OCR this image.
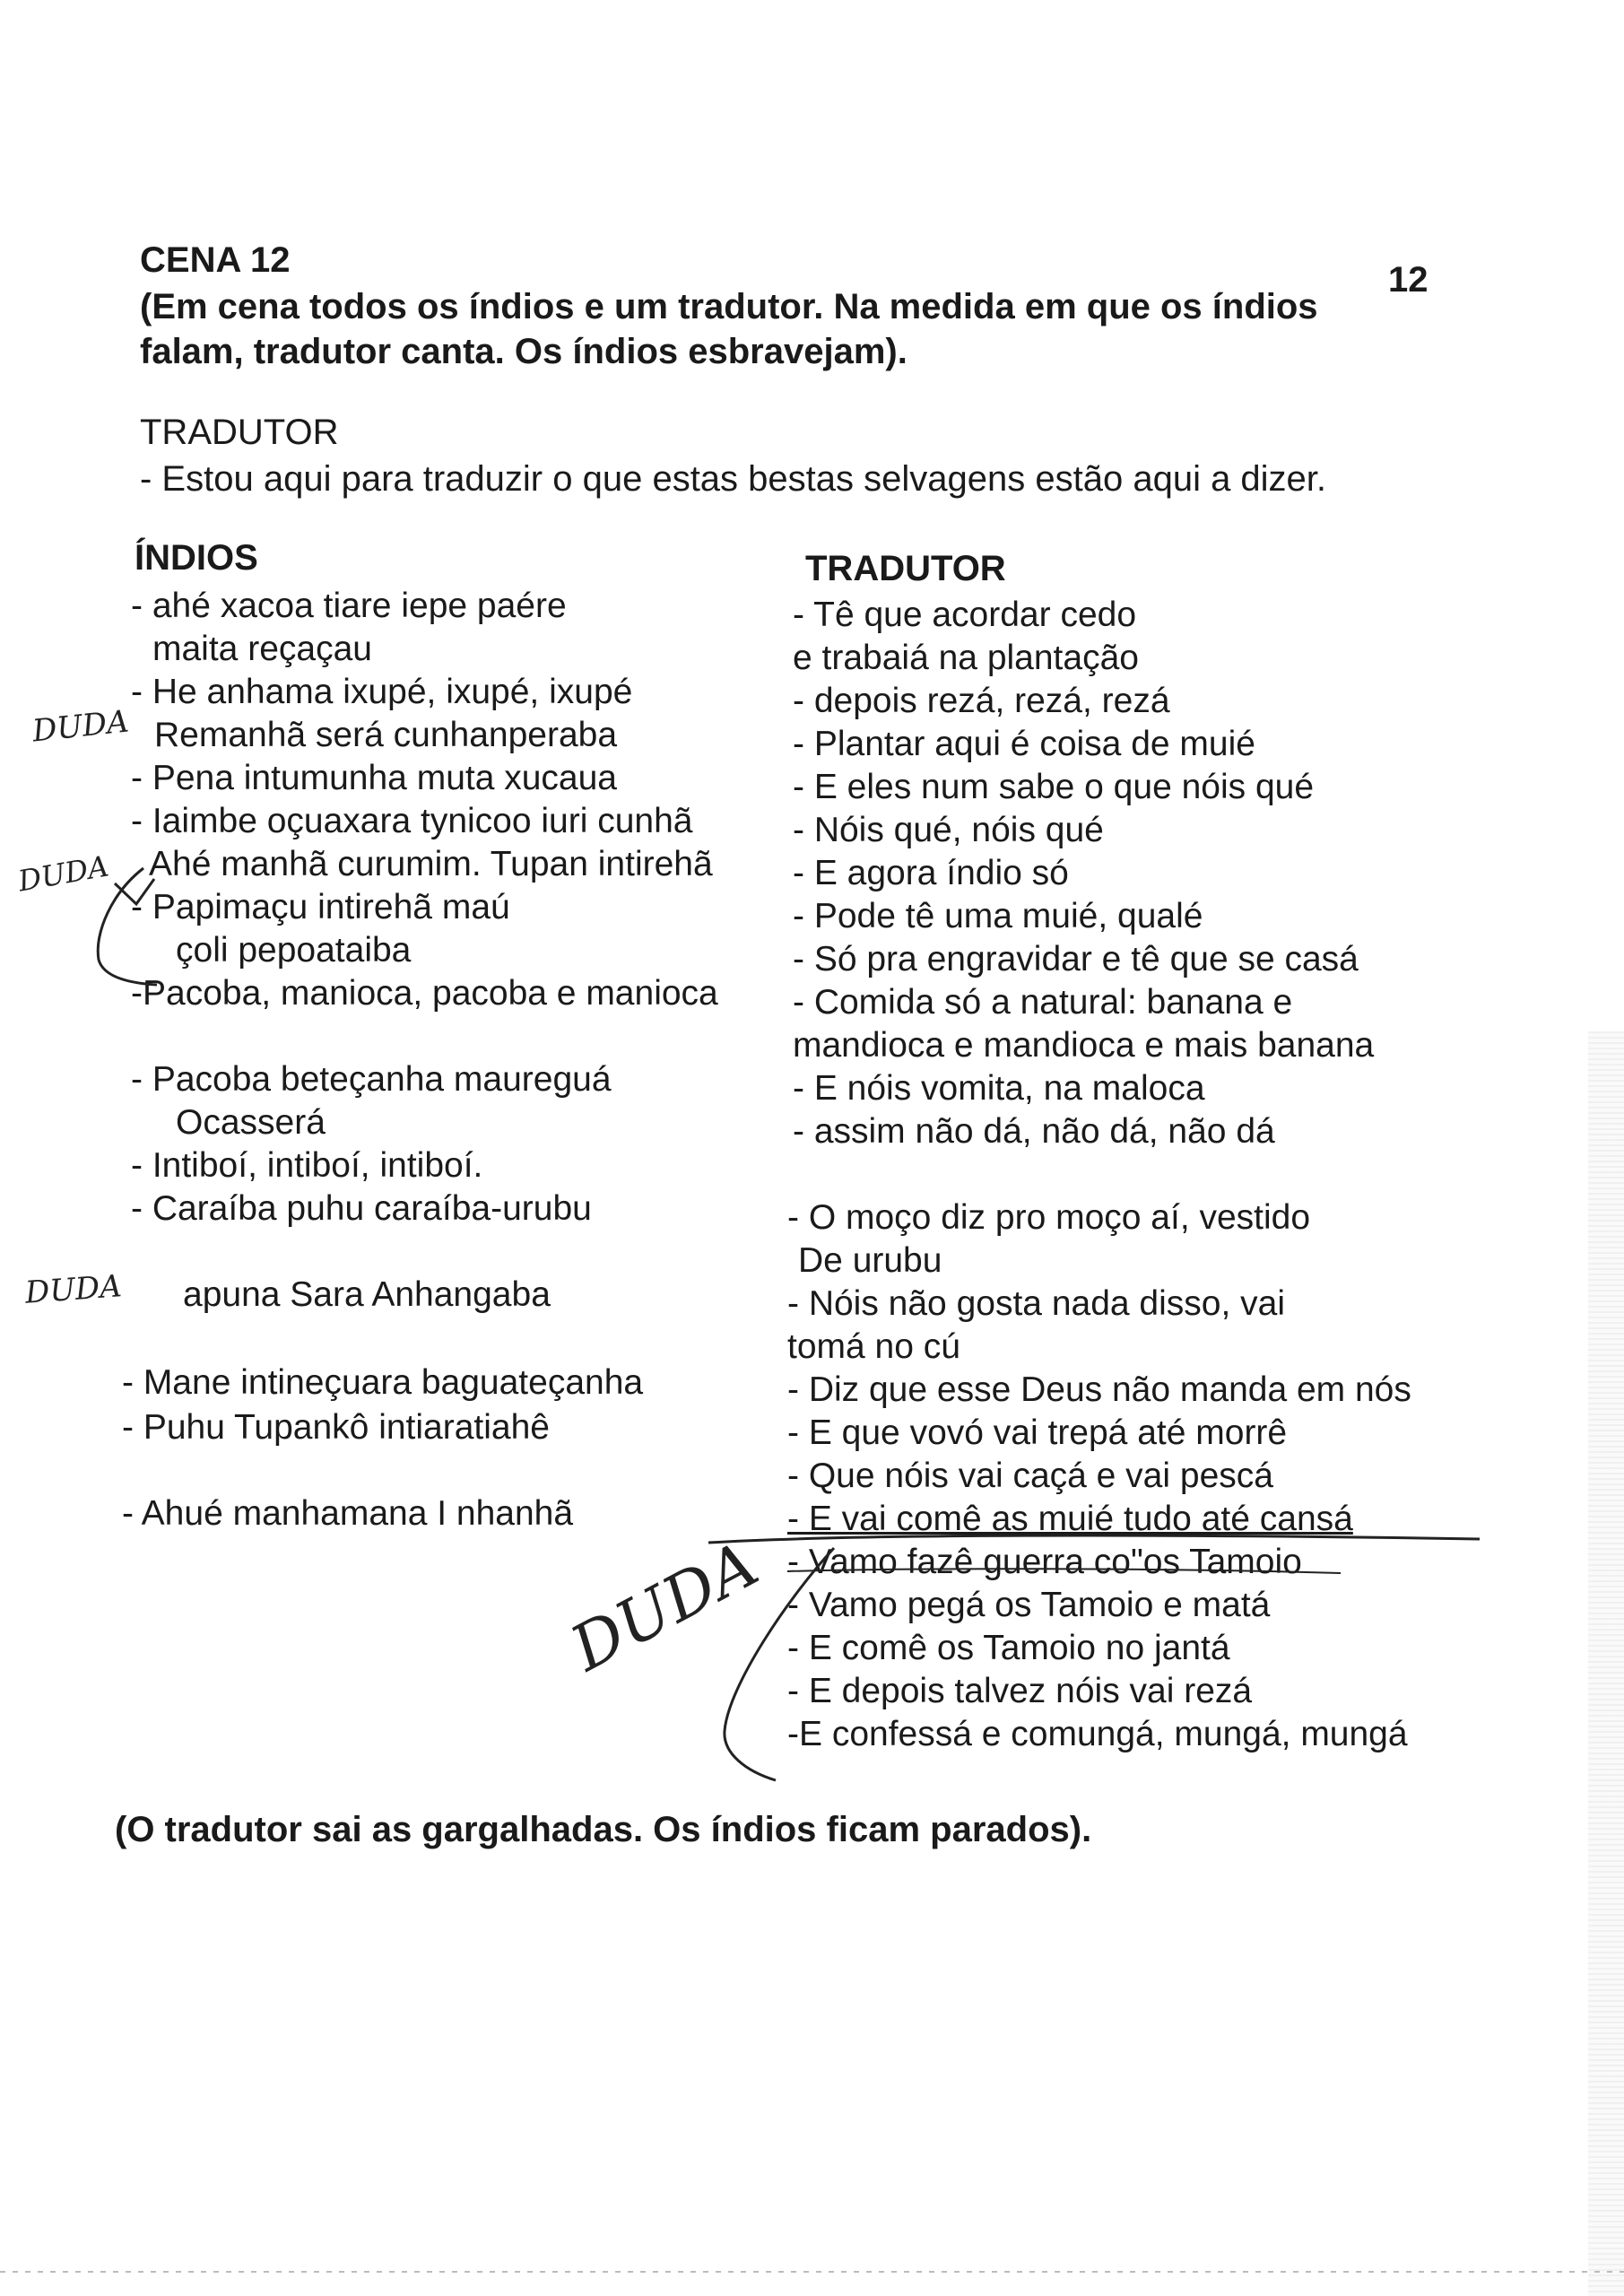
CENA 12	12
(Em cena todos os índios e um tradutor. Na medida em que os índios
falam, tradutor canta. Os índios esbravejam).
TRADUTOR
- Estou aqui para traduzir o que estas bestas selvagens estão aqui a dizer.
ÍNDIOS
- ahé xacoa tiare iepe paére
maita reçaçau
- He anhama ixupé, ixupé, ixupé
Remanhã será cunhanperaba
- Pena intumunha muta xucaua
- Iaimbe oçuaxara tynicoo iuri cunhã
Ahé manhã curumim. Tupan intirehã
- Papimaçu intirehã maú
çoli pepoataiba
-Pacoba, manioca, pacoba e manioca
- Pacoba beteçanha maureguá
Ocasserá
- Intiboí, intiboí, intiboí.
- Caraíba puhu caraíba-urubu
apuna Sara Anhangaba
- Mane intineçuara baguateçanha
- Puhu Tupankô intiaratiahê
- Ahué manhamana I nhanhã
TRADUTOR
- Tê que acordar cedo
e trabaiá na plantação
- depois rezá, rezá, rezá
- Plantar aqui é coisa de muié
- E eles num sabe o que nóis qué
- Nóis qué, nóis qué
- E agora índio só
- Pode tê uma muié, qualé
- Só pra engravidar e tê que se casá
- Comida só a natural: banana e
mandioca e mandioca e mais banana
- E nóis vomita, na maloca
- assim não dá, não dá, não dá
- O moço diz pro moço aí, vestido
De urubu
- Nóis não gosta nada disso, vai
tomá no cú
- Diz que esse Deus não manda em nós
- E que vovó vai trepá até morrê
- Que nóis vai caçá e vai pescá
- E vai comê as muié tudo até cansá
- Vamo fazê guerra co"os Tamoio
- Vamo pegá os Tamoio e matá
- E comê os Tamoio no jantá
- E depois talvez nóis vai rezá
-E confessá e comungá, mungá, mungá
(O tradutor sai as gargalhadas. Os índios ficam parados).
DUDA
DUDA
DUDA
DUDA
